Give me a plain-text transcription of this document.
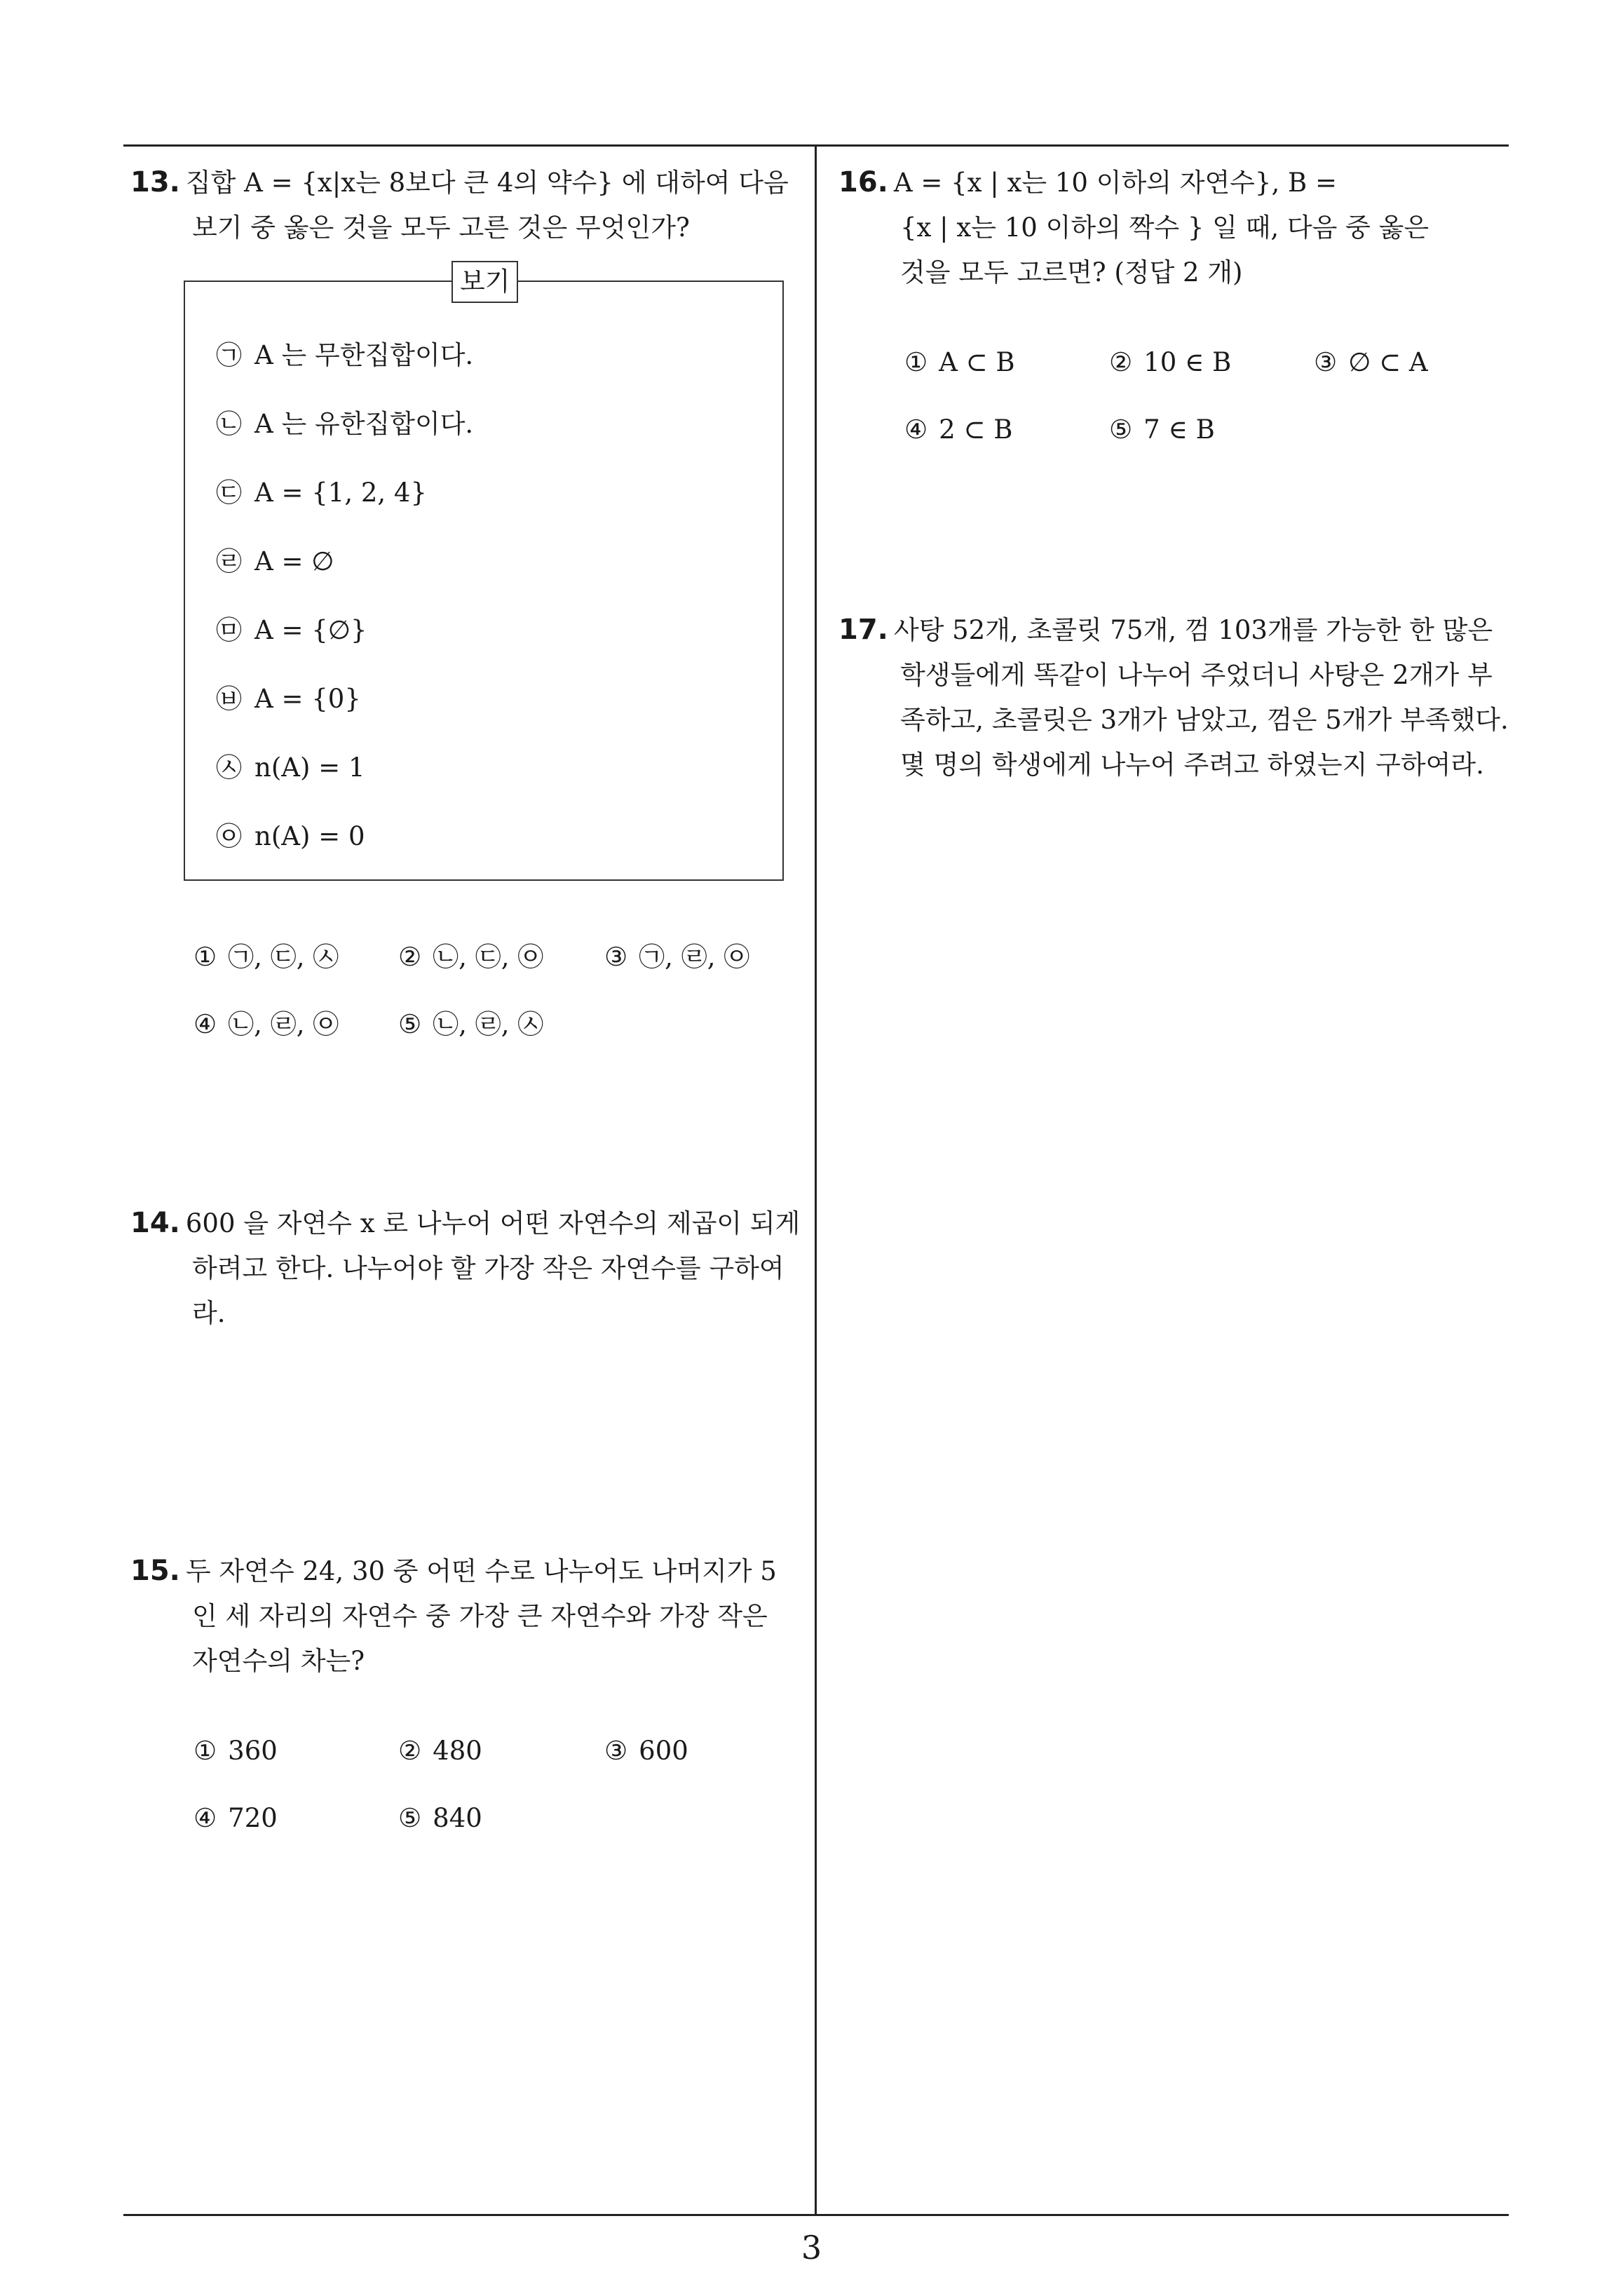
13. 집합 A = {x|x는 8보다 큰 4의 약수} 에 대하여 다음
보기 중 옳은 것을 모두 고른 것은 무엇인가?
보기
㉠ A 는 무한집합이다.
㉡ A 는 유한집합이다.
㉢ A = {1, 2, 4}
㉣ A = ∅
㉤ A = {∅}
㉥ A = {0}
㉦ n(A) = 1
㉧ n(A) = 0
① ㉠, ㉢, ㉦ ② ㉡, ㉢, ㉧ ③ ㉠, ㉣, ㉧
④ ㉡, ㉣, ㉧ ⑤ ㉡, ㉣, ㉦
14. 600 을 자연수 x 로 나누어 어떤 자연수의 제곱이 되게
하려고 한다. 나누어야 할 가장 작은 자연수를 구하여
라.
15. 두 자연수 24, 30 중 어떤 수로 나누어도 나머지가 5
인 세 자리의 자연수 중 가장 큰 자연수와 가장 작은
자연수의 차는?
① 360	② 480	③ 600
④ 720	⑤ 840
16. A = {x | x는 10 이하의 자연수}, B =
{x | x는 10 이하의 짝수 } 일 때, 다음 중 옳은
것을 모두 고르면? (정답 2 개)
① A ⊂ B	② 10 ∈ B	③ ∅ ⊂ A
④ 2 ⊂ B	⑤ 7 ∈ B
17. 사탕 52개, 초콜릿 75개, 껌 103개를 가능한 한 많은
학생들에게 똑같이 나누어 주었더니 사탕은 2개가 부
족하고, 초콜릿은 3개가 남았고, 껌은 5개가 부족했다.
몇 명의 학생에게 나누어 주려고 하였는지 구하여라.
3
